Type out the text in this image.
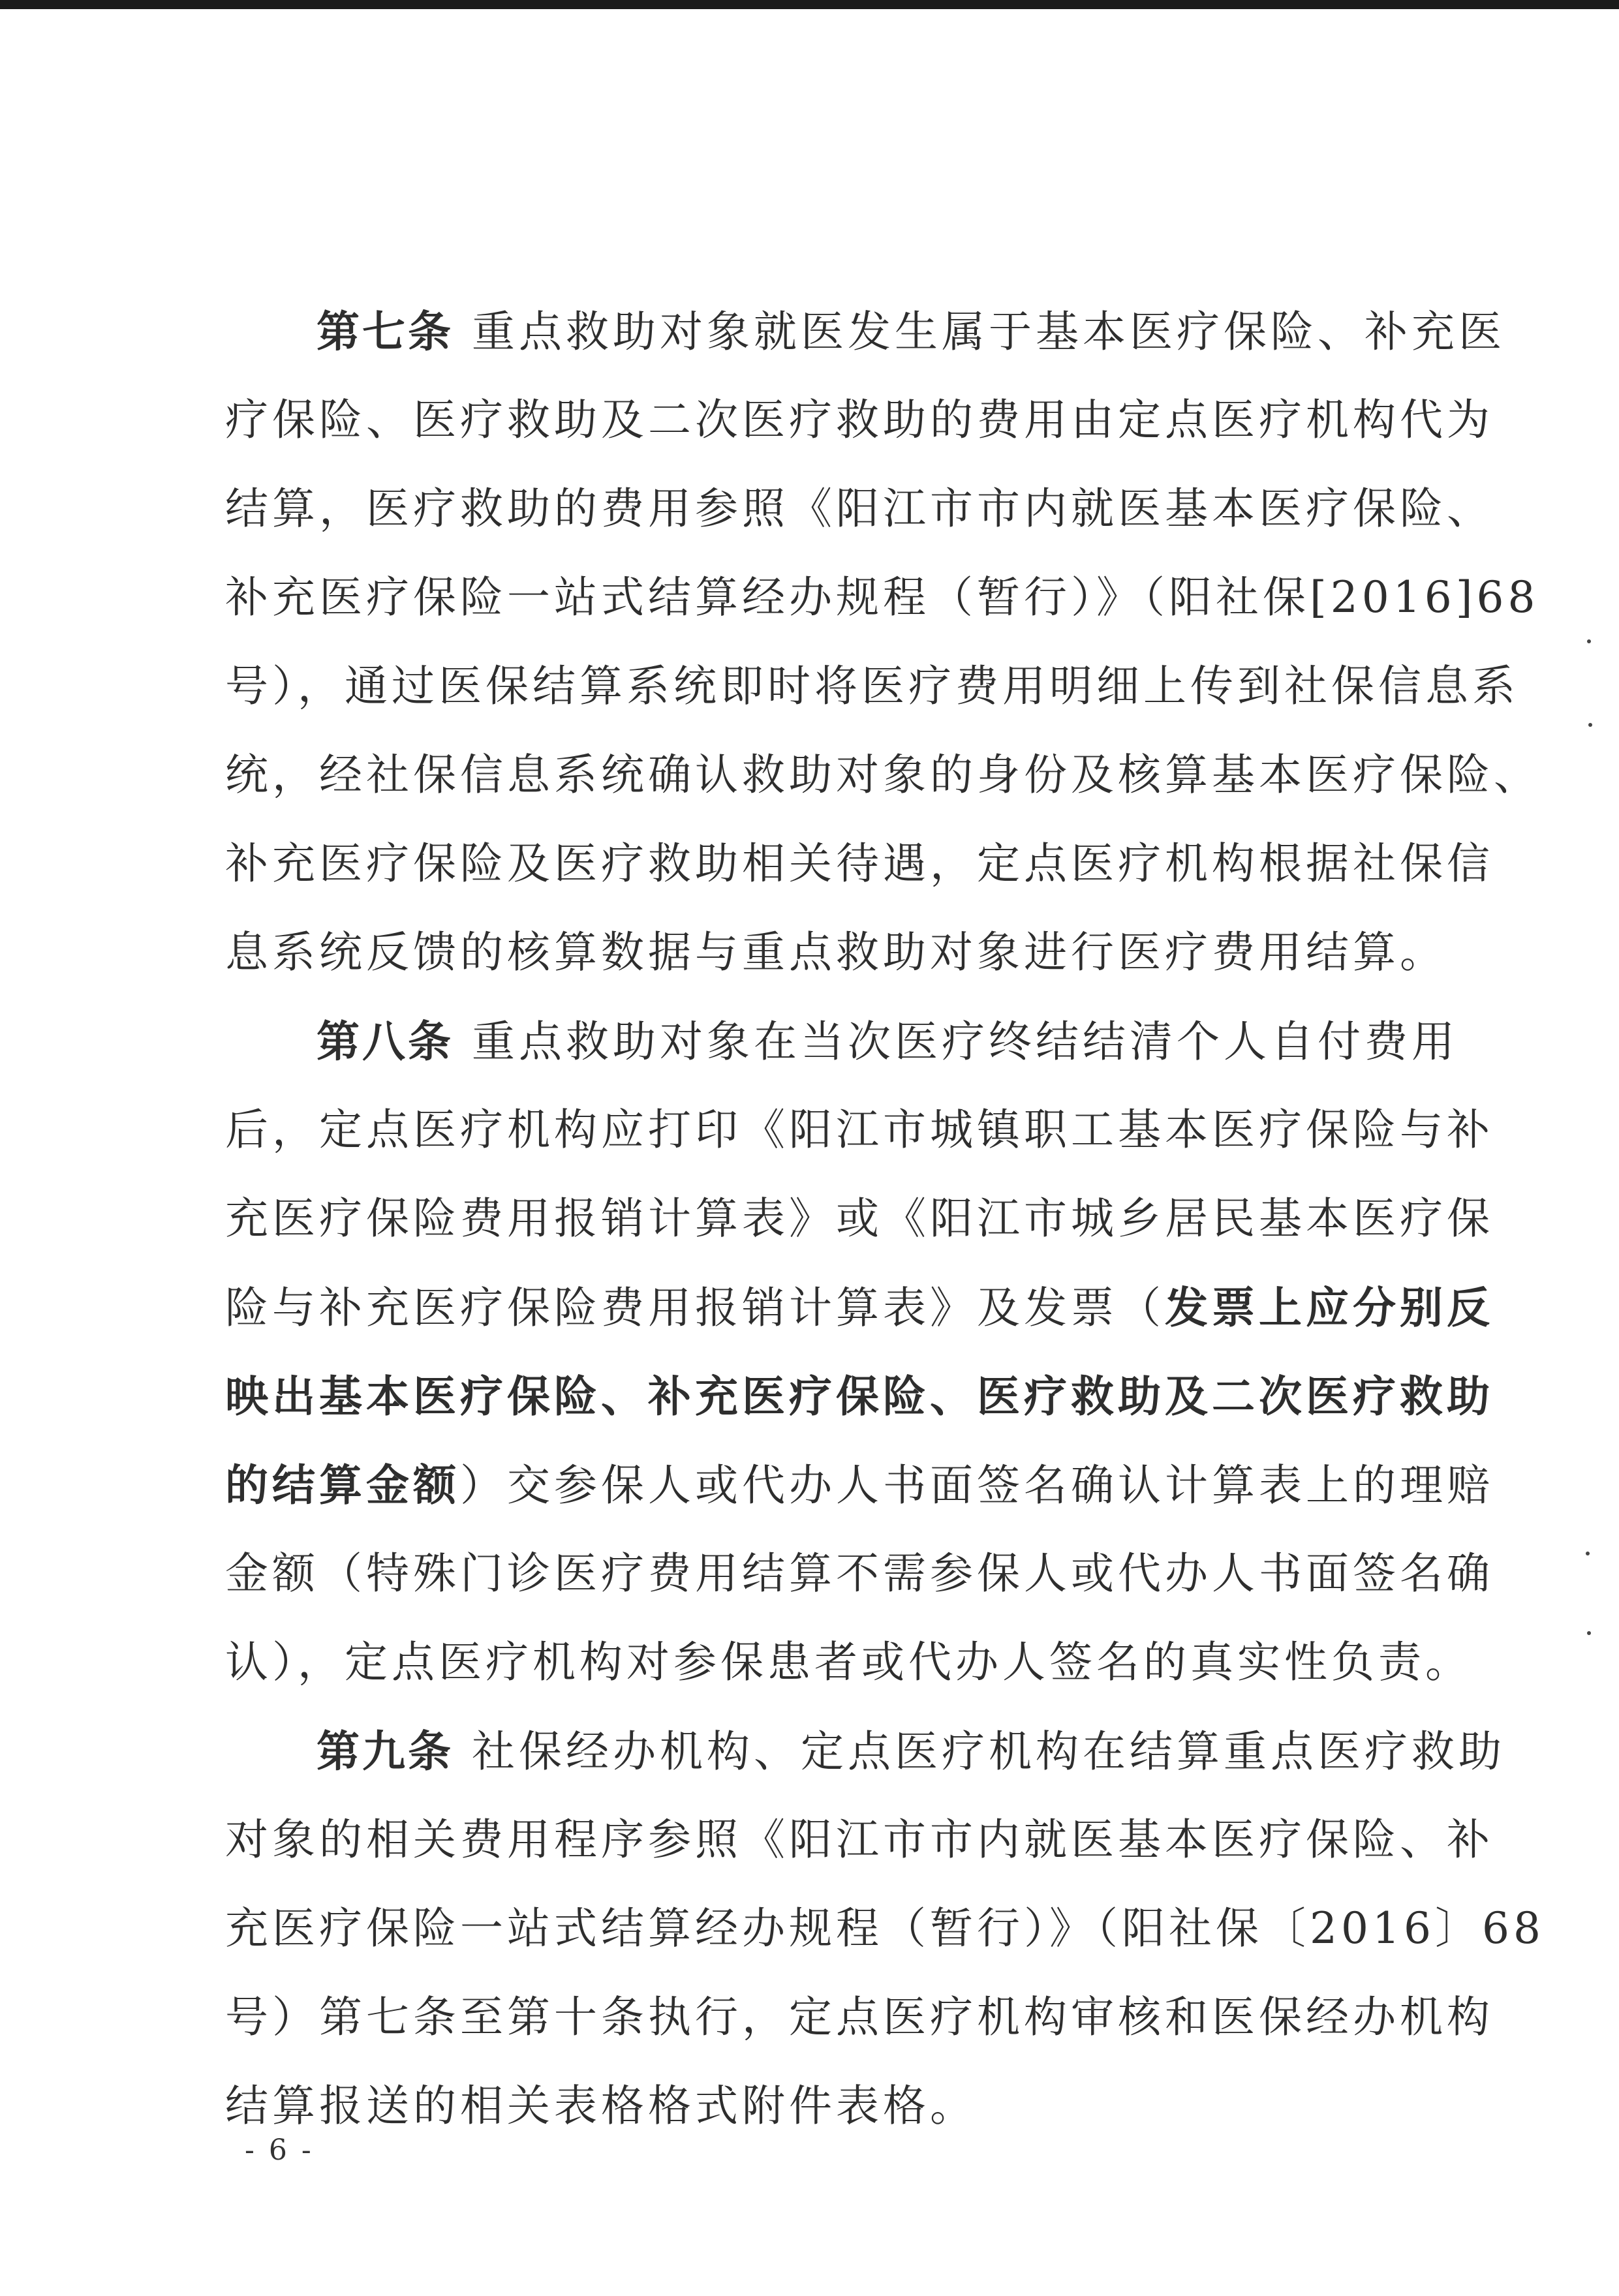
第七条 重点救助对象就医发生属于基本医疗保险、补充医
疗保险、医疗救助及二次医疗救助的费用由定点医疗机构代为
结算，医疗救助的费用参照《阳江市市内就医基本医疗保险、
补充医疗保险一站式结算经办规程（暂行）》（阳社保[2016]68
号），通过医保结算系统即时将医疗费用明细上传到社保信息系
统，经社保信息系统确认救助对象的身份及核算基本医疗保险、
补充医疗保险及医疗救助相关待遇，定点医疗机构根据社保信
息系统反馈的核算数据与重点救助对象进行医疗费用结算。
第八条 重点救助对象在当次医疗终结结清个人自付费用
后，定点医疗机构应打印《阳江市城镇职工基本医疗保险与补
充医疗保险费用报销计算表》或《阳江市城乡居民基本医疗保
险与补充医疗保险费用报销计算表》及发票（发票上应分别反
映出基本医疗保险、补充医疗保险、医疗救助及二次医疗救助
的结算金额）交参保人或代办人书面签名确认计算表上的理赔
金额（特殊门诊医疗费用结算不需参保人或代办人书面签名确
认），定点医疗机构对参保患者或代办人签名的真实性负责。
第九条 社保经办机构、定点医疗机构在结算重点医疗救助
对象的相关费用程序参照《阳江市市内就医基本医疗保险、补
充医疗保险一站式结算经办规程（暂行）》（阳社保〔2016〕68
号）第七条至第十条执行，定点医疗机构审核和医保经办机构
结算报送的相关表格格式附件表格。
- 6 -
